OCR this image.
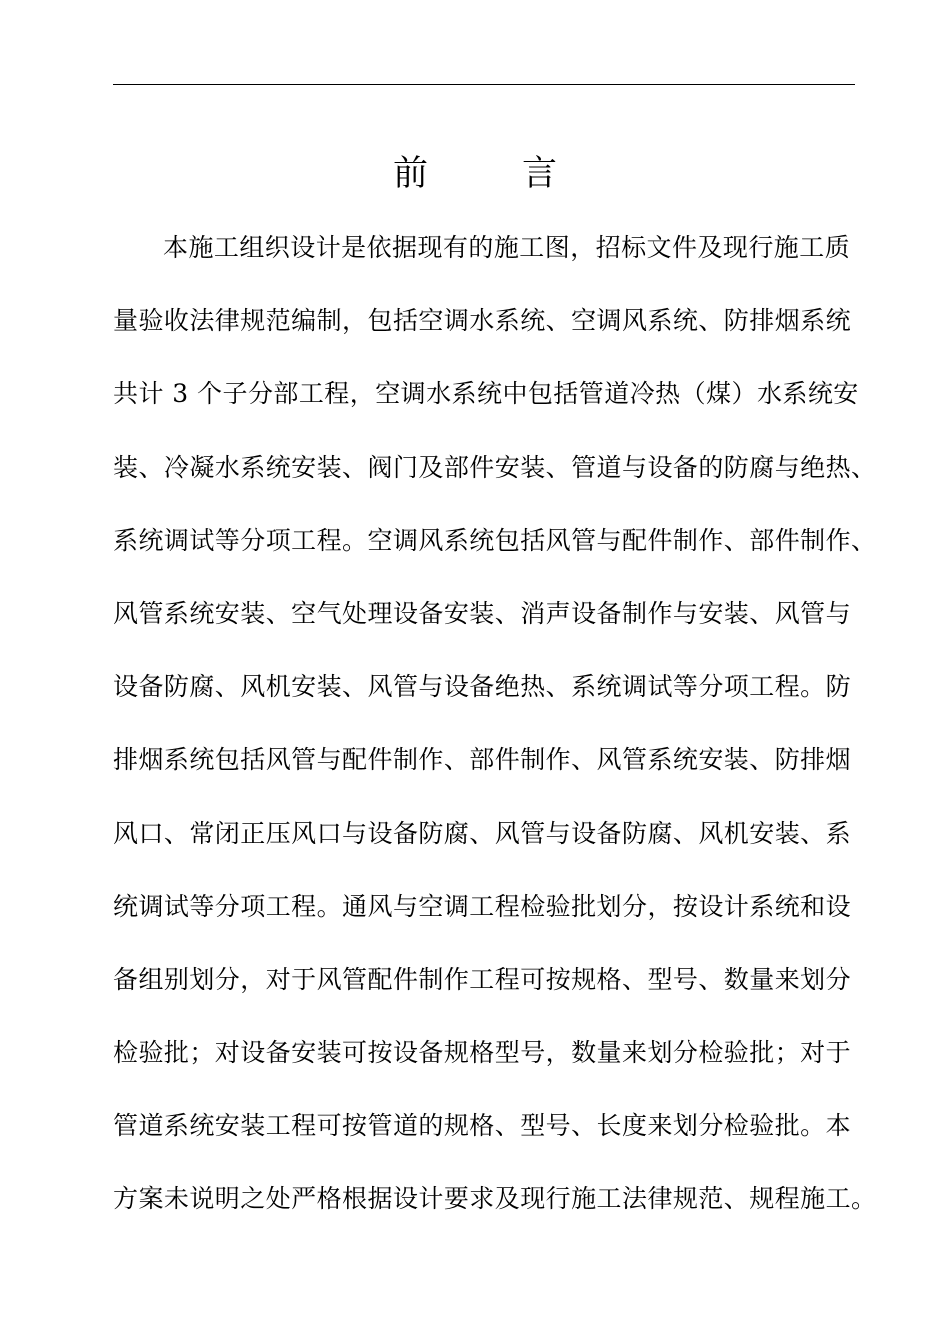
前	言
本施工组织设计是依据现有的施工图，招标文件及现行施工质
量验收法律规范编制，包括空调水系统、空调风系统、防排烟系统
共计 3 个子分部工程，空调水系统中包括管道冷热（煤）水系统安
装、冷凝水系统安装、阀门及部件安装、管道与设备的防腐与绝热、
系统调试等分项工程。空调风系统包括风管与配件制作、部件制作、
风管系统安装、空气处理设备安装、消声设备制作与安装、风管与
设备防腐、风机安装、风管与设备绝热、系统调试等分项工程。防
排烟系统包括风管与配件制作、部件制作、风管系统安装、防排烟
风口、常闭正压风口与设备防腐、风管与设备防腐、风机安装、系
统调试等分项工程。通风与空调工程检验批划分，按设计系统和设
备组别划分，对于风管配件制作工程可按规格、型号、数量来划分
检验批；对设备安装可按设备规格型号，数量来划分检验批；对于
管道系统安装工程可按管道的规格、型号、长度来划分检验批。本
方案未说明之处严格根据设计要求及现行施工法律规范、规程施工。
